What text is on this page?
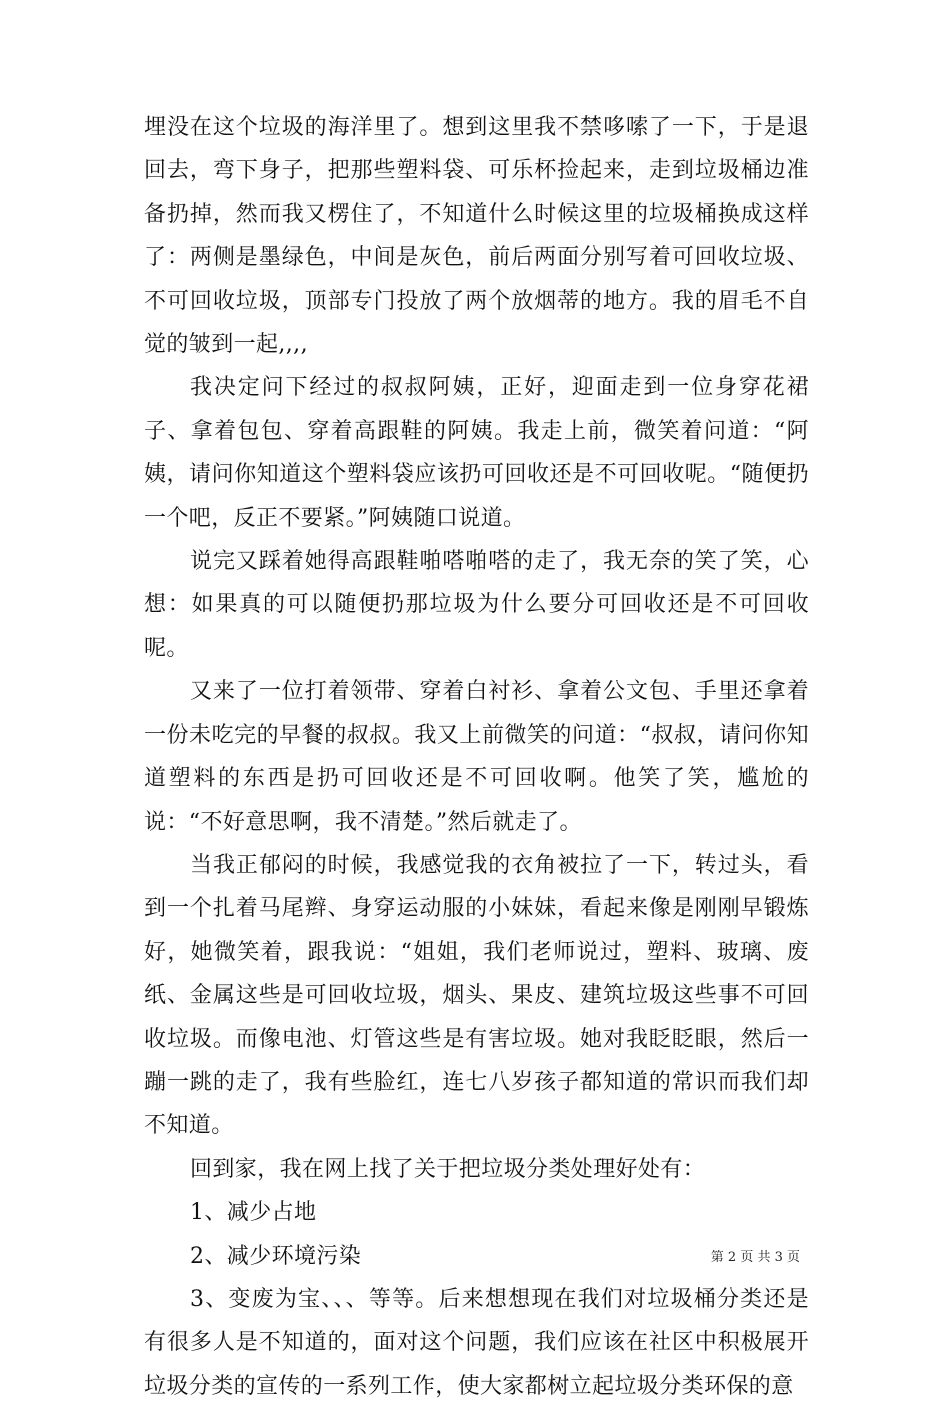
埋没在这个垃圾的海洋里了。想到这里我不禁哆嗦了一下，于是退回去，弯下身子，把那些塑料袋、可乐杯捡起来，走到垃圾桶边准备扔掉，然而我又楞住了，不知道什么时候这里的垃圾桶换成这样了：两侧是墨绿色，中间是灰色，前后两面分别写着可回收垃圾、不可回收垃圾，顶部专门投放了两个放烟蒂的地方。我的眉毛不自觉的皱到一起,,,,

我决定问下经过的叔叔阿姨，正好，迎面走到一位身穿花裙子、拿着包包、穿着高跟鞋的阿姨。我走上前，微笑着问道：“阿姨，请问你知道这个塑料袋应该扔可回收还是不可回收呢。“随便扔一个吧，反正不要紧。”阿姨随口说道。

说完又踩着她得高跟鞋啪嗒啪嗒的走了，我无奈的笑了笑，心想：如果真的可以随便扔那垃圾为什么要分可回收还是不可回收呢。

又来了一位打着领带、穿着白衬衫、拿着公文包、手里还拿着一份未吃完的早餐的叔叔。我又上前微笑的问道：“叔叔，请问你知道塑料的东西是扔可回收还是不可回收啊。他笑了笑，尴尬的说：“不好意思啊，我不清楚。”然后就走了。

当我正郁闷的时候，我感觉我的衣角被拉了一下，转过头，看到一个扎着马尾辫、身穿运动服的小妹妹，看起来像是刚刚早锻炼好，她微笑着，跟我说：“姐姐，我们老师说过，塑料、玻璃、废纸、金属这些是可回收垃圾，烟头、果皮、建筑垃圾这些事不可回收垃圾。而像电池、灯管这些是有害垃圾。她对我眨眨眼，然后一蹦一跳的走了，我有些脸红，连七八岁孩子都知道的常识而我们却不知道。

回到家，我在网上找了关于把垃圾分类处理好处有：

1、减少占地

2、减少环境污染

3、变废为宝、、、等等。后来想想现在我们对垃圾桶分类还是有很多人是不知道的，面对这个问题，我们应该在社区中积极展开垃圾分类的宣传的一系列工作，使大家都树立起垃圾分类环保的意

第 2 页 共 3 页
